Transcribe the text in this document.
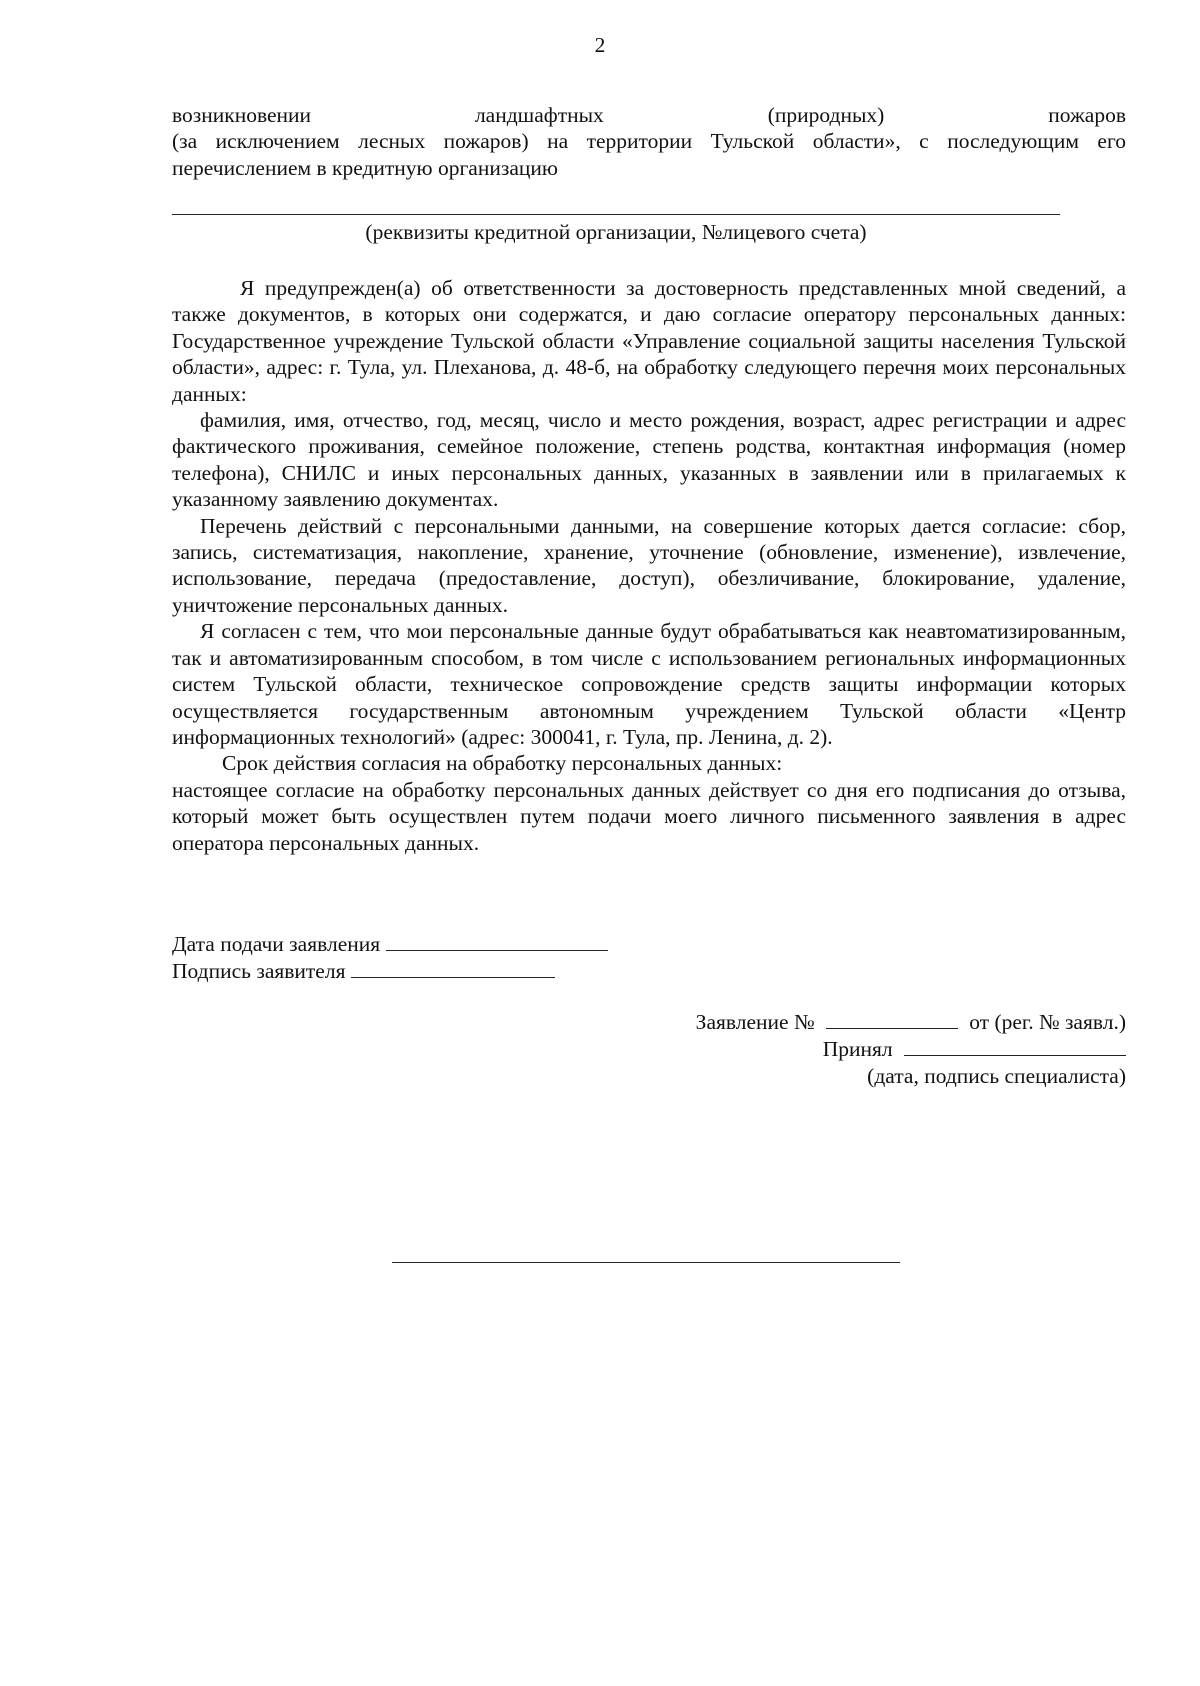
2

возникновении ландшафтных (природных) пожаров

(за исключением лесных пожаров) на территории Тульской области», с последующим его перечислением в кредитную организацию

(реквизиты кредитной организации, №лицевого счета)

Я предупрежден(а) об ответственности за достоверность представленных мной сведений, а также документов, в которых они содержатся, и даю согласие оператору персональных данных: Государственное учреждение Тульской области «Управление социальной защиты населения Тульской области», адрес: г. Тула, ул. Плеханова, д. 48-б, на обработку следующего перечня моих персональных данных:

фамилия, имя, отчество, год, месяц, число и место рождения, возраст, адрес регистрации и адрес фактического проживания, семейное положение, степень родства, контактная информация (номер телефона), СНИЛС и иных персональных данных, указанных в заявлении или в прилагаемых к указанному заявлению документах.

Перечень действий с персональными данными, на совершение которых дается согласие: сбор, запись, систематизация, накопление, хранение, уточнение (обновление, изменение), извлечение, использование, передача (предоставление, доступ), обезличивание, блокирование, удаление, уничтожение персональных данных.

Я согласен с тем, что мои персональные данные будут обрабатываться как неавтоматизированным, так и автоматизированным способом, в том числе с использованием региональных информационных систем Тульской области, техническое сопровождение средств защиты информации которых осуществляется государственным автономным учреждением Тульской области «Центр информационных технологий» (адрес: 300041, г. Тула, пр. Ленина, д. 2).

Срок действия согласия на обработку персональных данных:

настоящее согласие на обработку персональных данных действует со дня его подписания до отзыва, который может быть осуществлен путем подачи моего личного письменного заявления в адрес оператора персональных данных.

Дата подачи заявления

Подпись заявителя

Заявление №	от (рег. № заявл.)

Принял

(дата, подпись специалиста)
